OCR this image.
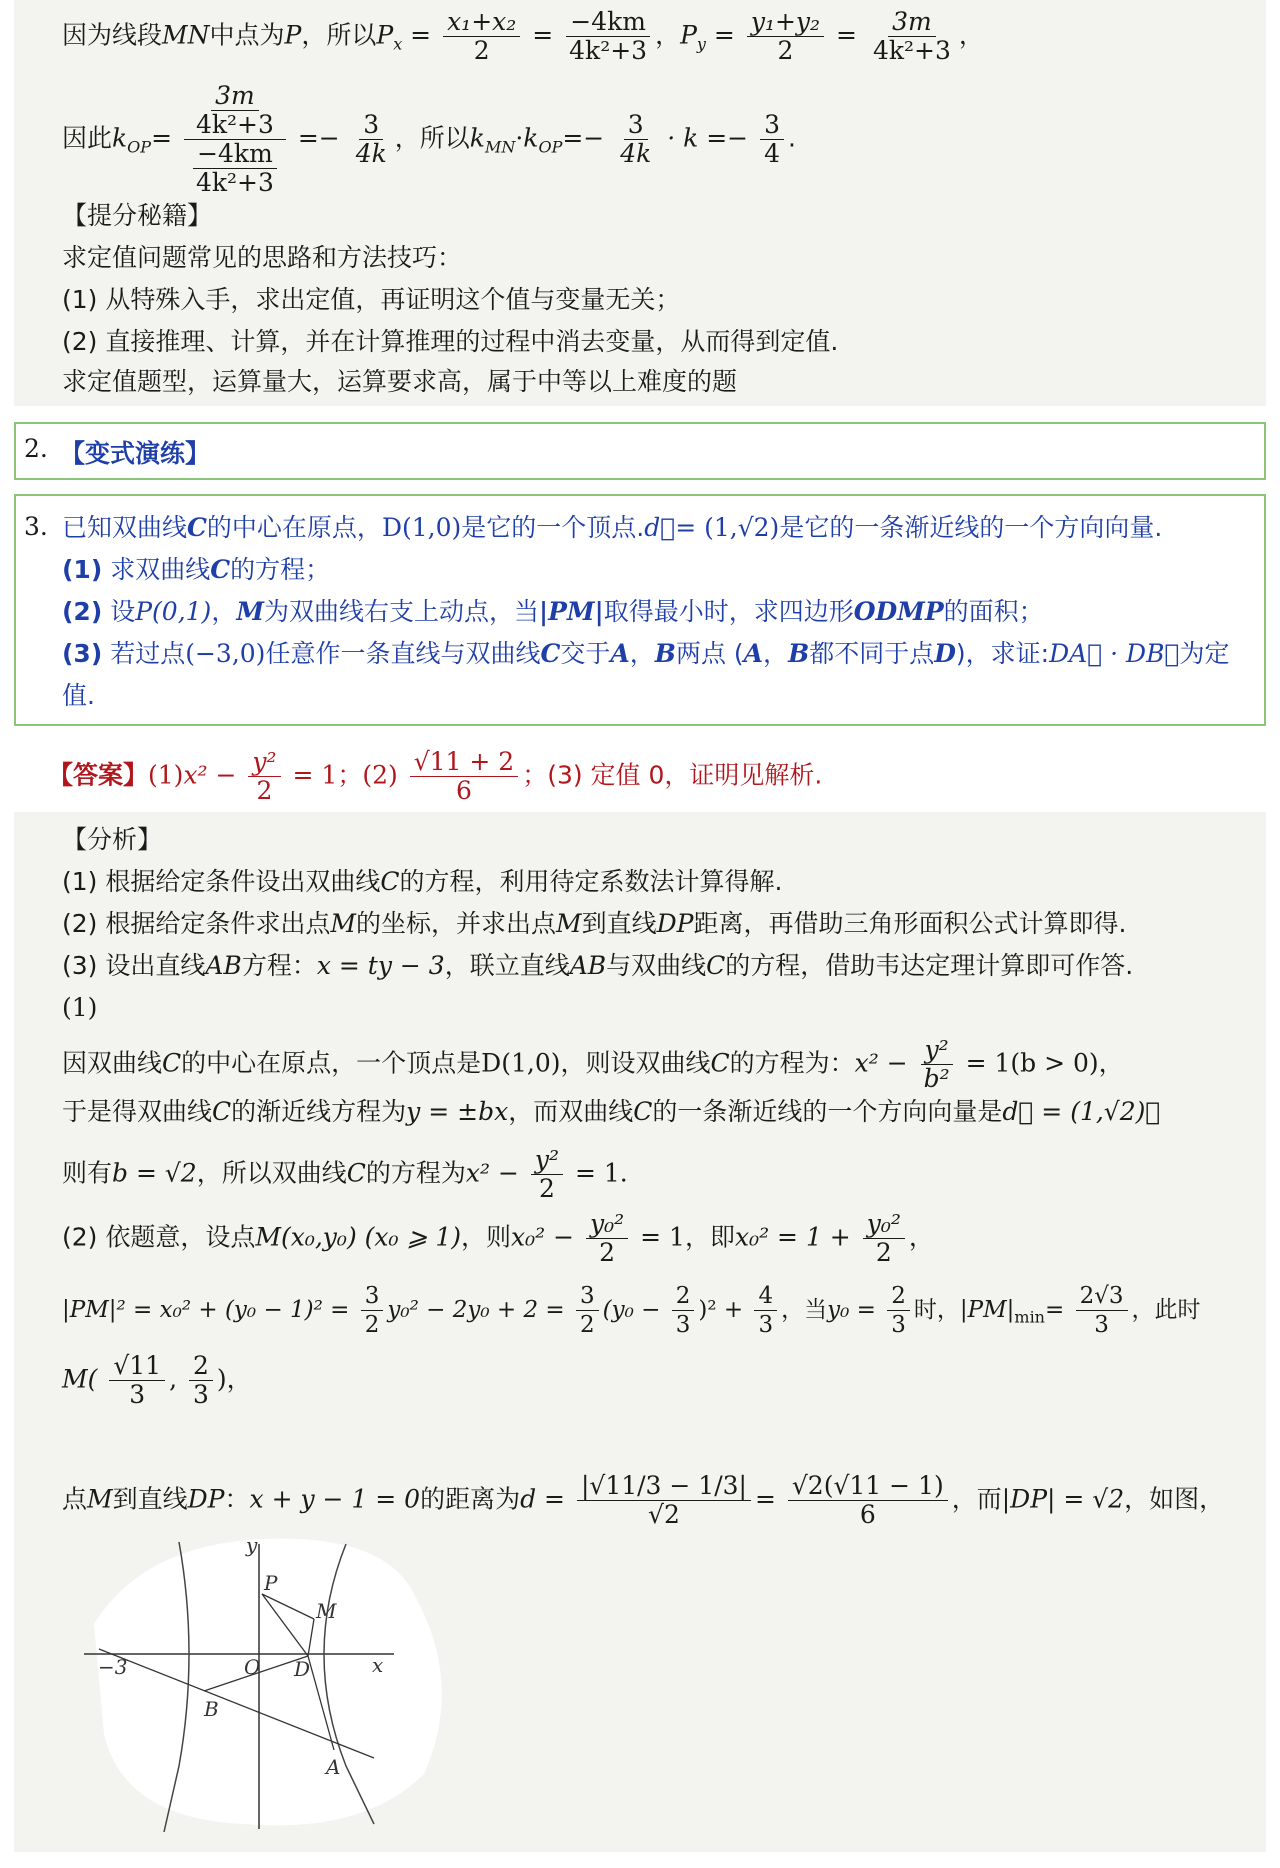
因为线段MN中点为P，所以$P_x = \frac{\text{x₁+x₂}}{2} = \frac{-4km}{\text{4k²+3}}$ ，$P_y = \frac{\text{y₁+y₂}}{2} = \frac{3m}{\text{4k²+3}}$ ，
因此$k_{OP}= \frac{\frac{3m}{\text{4k²+3}}}{\frac{-4km}{\text{4k²+3}}} =- \frac{3}{4k}$ ，所以$k_{MN}\cdot k_{OP}=- \frac{3}{4k} \cdot k =- \frac{3}{4}$ .
【提分秘籍】
求定值问题常见的思路和方法技巧：
(1) 从特殊入手，求出定值，再证明这个值与变量无关；
(2) 直接推理、计算，并在计算推理的过程中消去变量，从而得到定值.
求定值题型，运算量大，运算要求高，属于中等以上难度的题
2. 【变式演练】
3. 已知双曲线C的中心在原点，D(1,0)是它的一个顶点.d⃗= (1,√2)是它的一条渐近线的一个方向向量.
(1) 求双曲线C的方程；
(2) 设P(0,1)，M为双曲线右支上动点，当|PM|取得最小时，求四边形ODMP的面积；
(3) 若过点(−3,0)任意作一条直线与双曲线C交于A，B两点 (A，B都不同于点D)，求证:DA⃗ · DB⃗为定
值.
【答案】$(1)x^2 - \frac{\text{y²}}{2} = 1$；$(2) \frac{√11 + 2}{6}$ ；(3) 定值 0，证明见解析.
【分析】
(1) 根据给定条件设出双曲线C的方程，利用待定系数法计算得解.
(2) 根据给定条件求出点M的坐标，并求出点M到直线DP距离，再借助三角形面积公式计算即得.
(3) 设出直线AB方程：x = ty − 3，联立直线AB与双曲线C的方程，借助韦达定理计算即可作答.
(1)
因双曲线C的中心在原点，一个顶点是D(1,0)，则设双曲线C的方程为：$x^2 - \frac{\text{y²}}{\text{b²}} = 1(b > 0)$，
于是得双曲线C的渐近线方程为y = ±bx，而双曲线C的一条渐近线的一个方向向量是d⃗ = (1,√2)，
则有b = √2，所以双曲线C的方程为$x^2 - \frac{\text{y²}}{2} = 1$.
(2) 依题意，设点M(x₀,y₀) (x₀ ⩾ 1)，则$x_0^2 - \frac{\text{y₀²}}{2} = 1$，即$x_0^2 = 1 + \frac{\text{y₀²}}{2}$ ，
$|PM|^2 = x_0^2 + (y_0 - 1)^2 = \frac{3}{2} y_0^2 - 2y_0 + 2 = \frac{3}{2} (y_0 - \frac{2}{3} )^2 + \frac{4}{3}$ ，当$y_0 = \frac{2}{3}$ 时，$|PM|_{min}= \frac{2√3}{3}$ ，此时
$M( \frac{√11}{3}$ , $\frac{2}{3}$ )，
点M到直线DP：x + y − 1 = 0的距离为$d = \frac{|√11/3 - 1/3|}{√2} = \frac{√2(√11 - 1)}{6}$ ，而|DP| = √2，如图，
y
P
M
−3	O D	x
B
A
